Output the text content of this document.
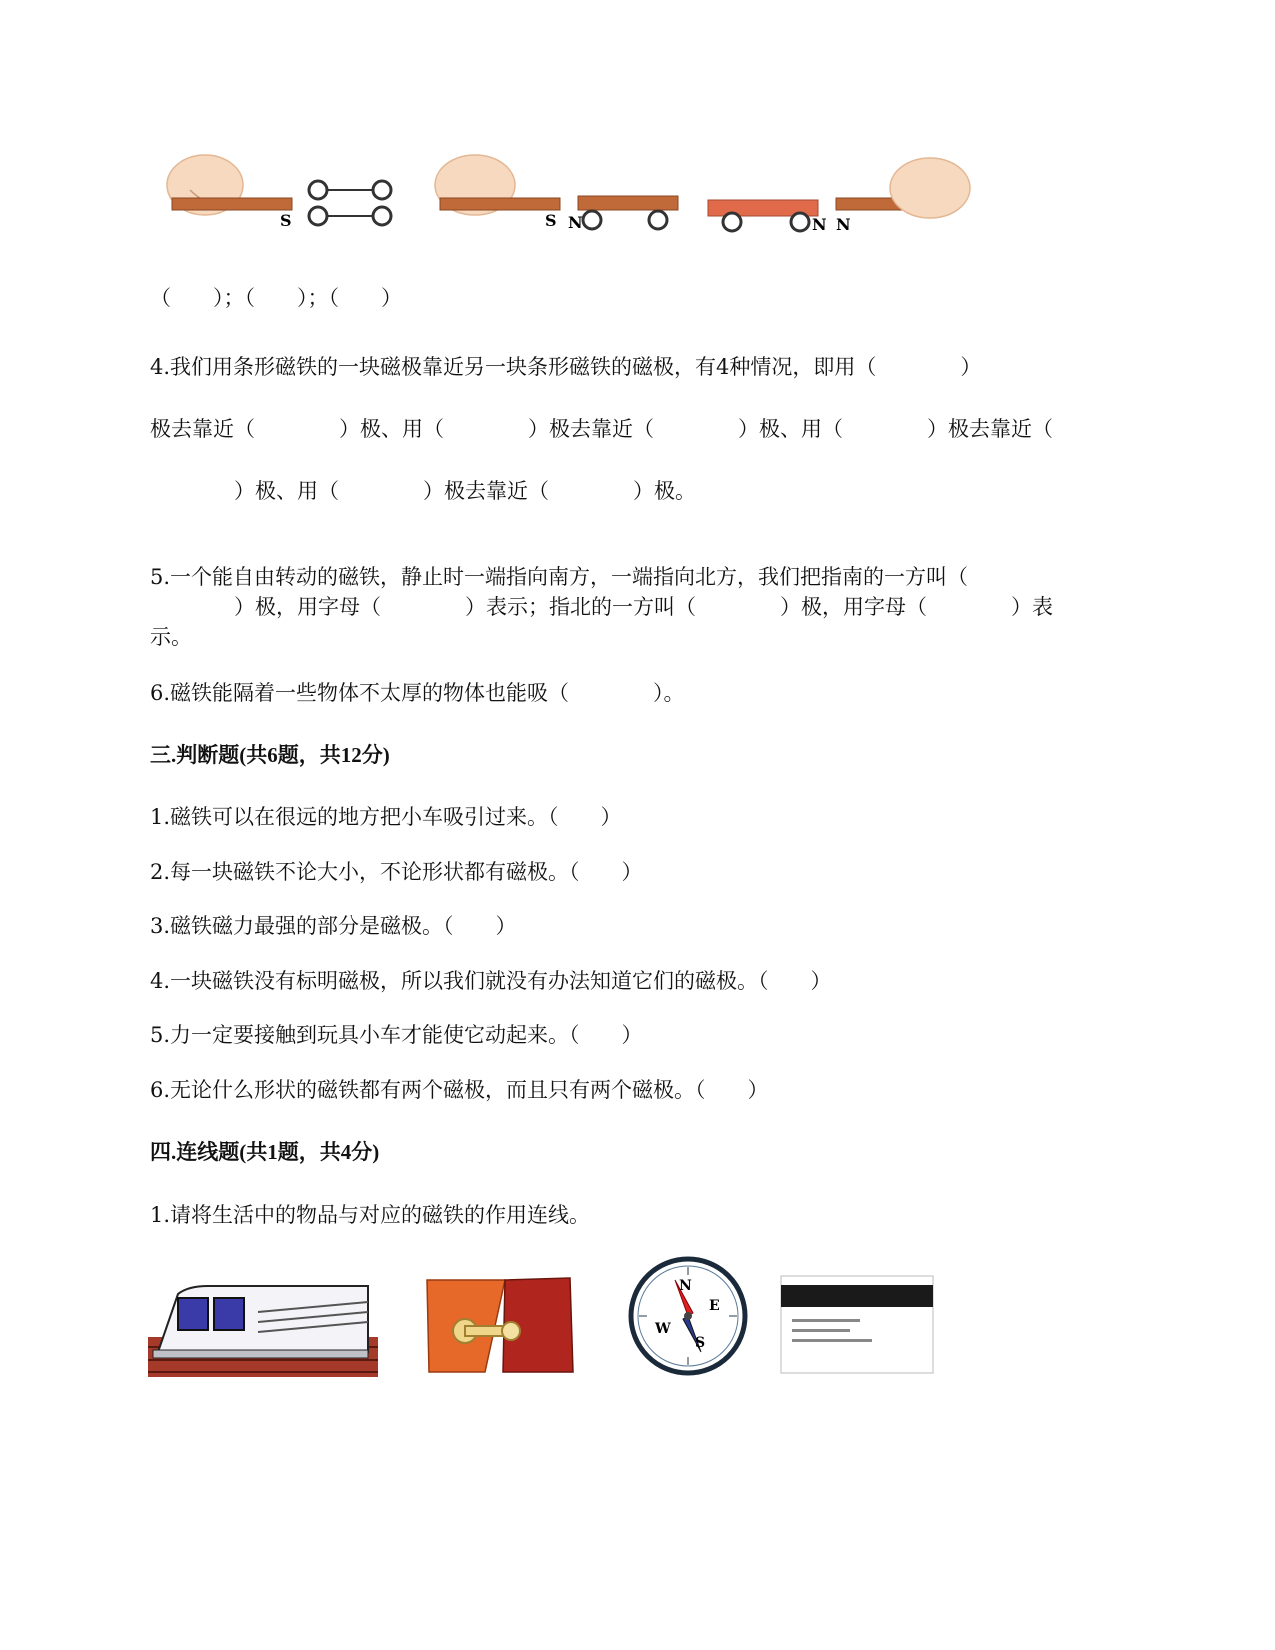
S	S N	N N
（　　）；（　　）；（　　）
4.我们用条形磁铁的一块磁极靠近另一块条形磁铁的磁极，有4种情况，即用（　　　　）
极去靠近（　　　　）极、用（　　　　）极去靠近（　　　　）极、用（　　　　）极去靠近（
　　　　）极、用（　　　　）极去靠近（　　　　）极。
5.一个能自由转动的磁铁，静止时一端指向南方，一端指向北方，我们把指南的一方叫（
　　　　）极，用字母（　　　　）表示；指北的一方叫（　　　　）极，用字母（　　　　）表
示。
6.磁铁能隔着一些物体不太厚的物体也能吸（　　　　）。
三.判断题(共6题，共12分)
1.磁铁可以在很远的地方把小车吸引过来。（　　）
2.每一块磁铁不论大小，不论形状都有磁极。（　　）
3.磁铁磁力最强的部分是磁极。（　　）
4.一块磁铁没有标明磁极，所以我们就没有办法知道它们的磁极。（　　）
5.力一定要接触到玩具小车才能使它动起来。（　　）
6.无论什么形状的磁铁都有两个磁极，而且只有两个磁极。（　　）
四.连线题(共1题，共4分)
1.请将生活中的物品与对应的磁铁的作用连线。
N
E
S
W
